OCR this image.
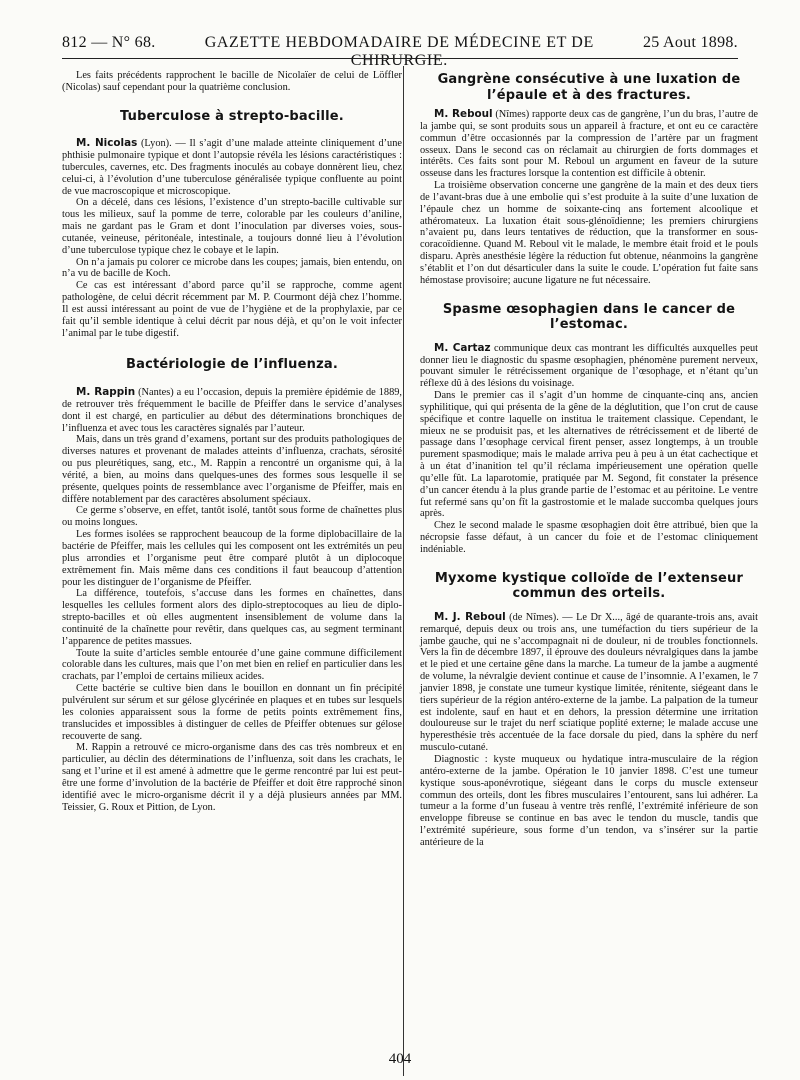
812 — N° 68.	GAZETTE HEBDOMADAIRE DE MÉDECINE ET DE CHIRURGIE.
25 Aout 1898.

Les faits précédents rapprochent le bacille de Nicolaïer de celui de Löffler (Nicolas) sauf cependant pour la quatrième conclusion.

Tuberculose à strepto-bacille.

M. Nicolas (Lyon). — Il s’agit d’une malade atteinte cliniquement d’une phthisie pulmonaire typique et dont l’autopsie révéla les lésions caractéristiques : tubercules, cavernes, etc. Des fragments inoculés au cobaye donnèrent lieu, chez celui-ci, à l’évolution d’une tuberculose généralisée typique confluente au point de vue macroscopique et microscopique.

On a décelé, dans ces lésions, l’existence d’un strepto-bacille cultivable sur tous les milieux, sauf la pomme de terre, colorable par les couleurs d’aniline, mais ne gardant pas le Gram et dont l’inoculation par diverses voies, sous-cutanée, veineuse, péritonéale, intestinale, a toujours donné lieu à l’évolution d’une tuberculose typique chez le cobaye et le lapin.

On n’a jamais pu colorer ce microbe dans les coupes; jamais, bien entendu, on n’a vu de bacille de Koch.

Ce cas est intéressant d’abord parce qu’il se rapproche, comme agent pathologène, de celui décrit récemment par M. P. Courmont déjà chez l’homme. Il est aussi intéressant au point de vue de l’hygiène et de la prophylaxie, par ce fait qu’il semble identique à celui décrit par nous déjà, et qu’on le voit infecter l’animal par le tube digestif.

Bactériologie de l’influenza.

M. Rappin (Nantes) a eu l’occasion, depuis la première épidémie de 1889, de retrouver très fréquemment le bacille de Pfeiffer dans le service d’analyses dont il est chargé, en particulier au début des déterminations bronchiques de l’influenza et avec tous les caractères signalés par l’auteur.

Mais, dans un très grand d’examens, portant sur des produits pathologiques de diverses natures et provenant de malades atteints d’influenza, crachats, sérosité ou pus pleurétiques, sang, etc., M. Rappin a rencontré un organisme qui, à la vérité, a bien, au moins dans quelques-unes des formes sous lesquelle il se présente, quelques points de ressemblance avec l’organisme de Pfeiffer, mais en diffère notablement par des caractères absolument spéciaux.

Ce germe s’observe, en effet, tantôt isolé, tantôt sous forme de chaînettes plus ou moins longues.

Les formes isolées se rapprochent beaucoup de la forme diplobacillaire de la bactérie de Pfeiffer, mais les cellules qui les composent ont les extrémités un peu plus arrondies et l’organisme peut être comparé plutôt à un diplocoque extrêmement fin. Mais même dans ces conditions il faut beaucoup d’attention pour les distinguer de l’organisme de Pfeiffer.

La différence, toutefois, s’accuse dans les formes en chaînettes, dans lesquelles les cellules forment alors des diplo-streptocoques au lieu de diplo-strepto-bacilles et où elles augmentent insensiblement de volume dans la continuité de la chaînette pour revêtir, dans quelques cas, au segment terminant l’apparence de petites massues.

Toute la suite d’articles semble entourée d’une gaine commune difficilement colorable dans les cultures, mais que l’on met bien en relief en particulier dans les crachats, par l’emploi de certains milieux acides.

Cette bactérie se cultive bien dans le bouillon en donnant un fin précipité pulvérulent sur sérum et sur gélose glycérinée en plaques et en tubes sur lesquels les colonies apparaissent sous la forme de petits points extrêmement fins, translucides et impossibles à distinguer de celles de Pfeiffer obtenues sur gélose recouverte de sang.

M. Rappin a retrouvé ce micro-organisme dans des cas très nombreux et en particulier, au déclin des déterminations de l’influenza, soit dans les crachats, le sang et l’urine et il est amené à admettre que le germe rencontré par lui est peut-être une forme d’involution de la bactérie de Pfeiffer et doit être rapproché sinon identifié avec le micro-organisme décrit il y a déjà plusieurs années par MM. Teissier, G. Roux et Pittion, de Lyon.

Gangrène consécutive à une luxation de l’épaule et à des fractures.

M. Reboul (Nîmes) rapporte deux cas de gangrène, l’un du bras, l’autre de la jambe qui, se sont produits sous un appareil à fracture, et ont eu ce caractère commun d’être occasionnés par la compression de l’artère par un fragment osseux. Dans le second cas on réclamait au chirurgien de forts dommages et intérêts. Ces faits sont pour M. Reboul un argument en faveur de la suture osseuse dans les fractures lorsque la contention est difficile à obtenir.

La troisième observation concerne une gangrène de la main et des deux tiers de l’avant-bras due à une embolie qui s’est produite à la suite d’une luxation de l’épaule chez un homme de soixante-cinq ans fortement alcoolique et athéromateux. La luxation était sous-glénoïdienne; les premiers chirurgiens n’avaient pu, dans leurs tentatives de réduction, que la transformer en sous-coracoïdienne. Quand M. Reboul vit le malade, le membre était froid et le pouls disparu. Après anesthésie légère la réduction fut obtenue, néanmoins la gangrène s’établit et l’on dut désarticuler dans la suite le coude. L’opération fut faite sans hémostase provisoire; aucune ligature ne fut nécessaire.

Spasme œsophagien dans le cancer de l’estomac.

M. Cartaz communique deux cas montrant les difficultés auxquelles peut donner lieu le diagnostic du spasme œsophagien, phénomène purement nerveux, pouvant simuler le rétrécissement organique de l’œsophage, et n’étant qu’un réflexe dû à des lésions du voisinage.

Dans le premier cas il s’agit d’un homme de cinquante-cinq ans, ancien syphilitique, qui qui présenta de la gêne de la déglutition, que l’on crut de cause spécifique et contre laquelle on institua le traitement classique. Cependant, le mieux ne se produisit pas, et les alternatives de rétrécissement et de liberté de passage dans l’œsophage cervical firent penser, assez longtemps, à un trouble purement spasmodique; mais le malade arriva peu à peu à un état cachectique et à un état d’inanition tel qu’il réclama impérieusement une opération quelle qu’elle fût. La laparotomie, pratiquée par M. Segond, fit constater la présence d’un cancer étendu à la plus grande partie de l’estomac et au péritoine. Le ventre fut refermé sans qu’on fît la gastrostomie et le malade succomba quelques jours après.

Chez le second malade le spasme œsophagien doit être attribué, bien que la nécropsie fasse défaut, à un cancer du foie et de l’estomac cliniquement indéniable.

Myxome kystique colloïde de l’extenseur commun des orteils.

M. J. Reboul (de Nîmes). — Le Dr X..., âgé de quarante-trois ans, avait remarqué, depuis deux ou trois ans, une tuméfaction du tiers supérieur de la jambe gauche, qui ne s’accompagnait ni de douleur, ni de troubles fonctionnels. Vers la fin de décembre 1897, il éprouve des douleurs névralgiques dans la jambe et le pied et une certaine gêne dans la marche. La tumeur de la jambe a augmenté de volume, la névralgie devient continue et cause de l’insomnie. A l’examen, le 7 janvier 1898, je constate une tumeur kystique limitée, rénitente, siégeant dans le tiers supérieur de la région antéro-externe de la jambe. La palpation de la tumeur est indolente, sauf en haut et en dehors, la pression détermine une irritation douloureuse sur le trajet du nerf sciatique poplité externe; le malade accuse une hyperesthésie très accentuée de la face dorsale du pied, dans la sphère du nerf musculo-cutané.

Diagnostic : kyste muqueux ou hydatique intra-musculaire de la région antéro-externe de la jambe. Opération le 10 janvier 1898. C’est une tumeur kystique sous-aponévrotique, siégeant dans le corps du muscle extenseur commun des orteils, dont les fibres musculaires l’entourent, sans lui adhérer. La tumeur a la forme d’un fuseau à ventre très renflé, l’extrémité inférieure de son enveloppe fibreuse se continue en bas avec le tendon du muscle, tandis que l’extrémité supérieure, sous forme d’un tendon, va s’insérer sur la partie antérieure de la

404
